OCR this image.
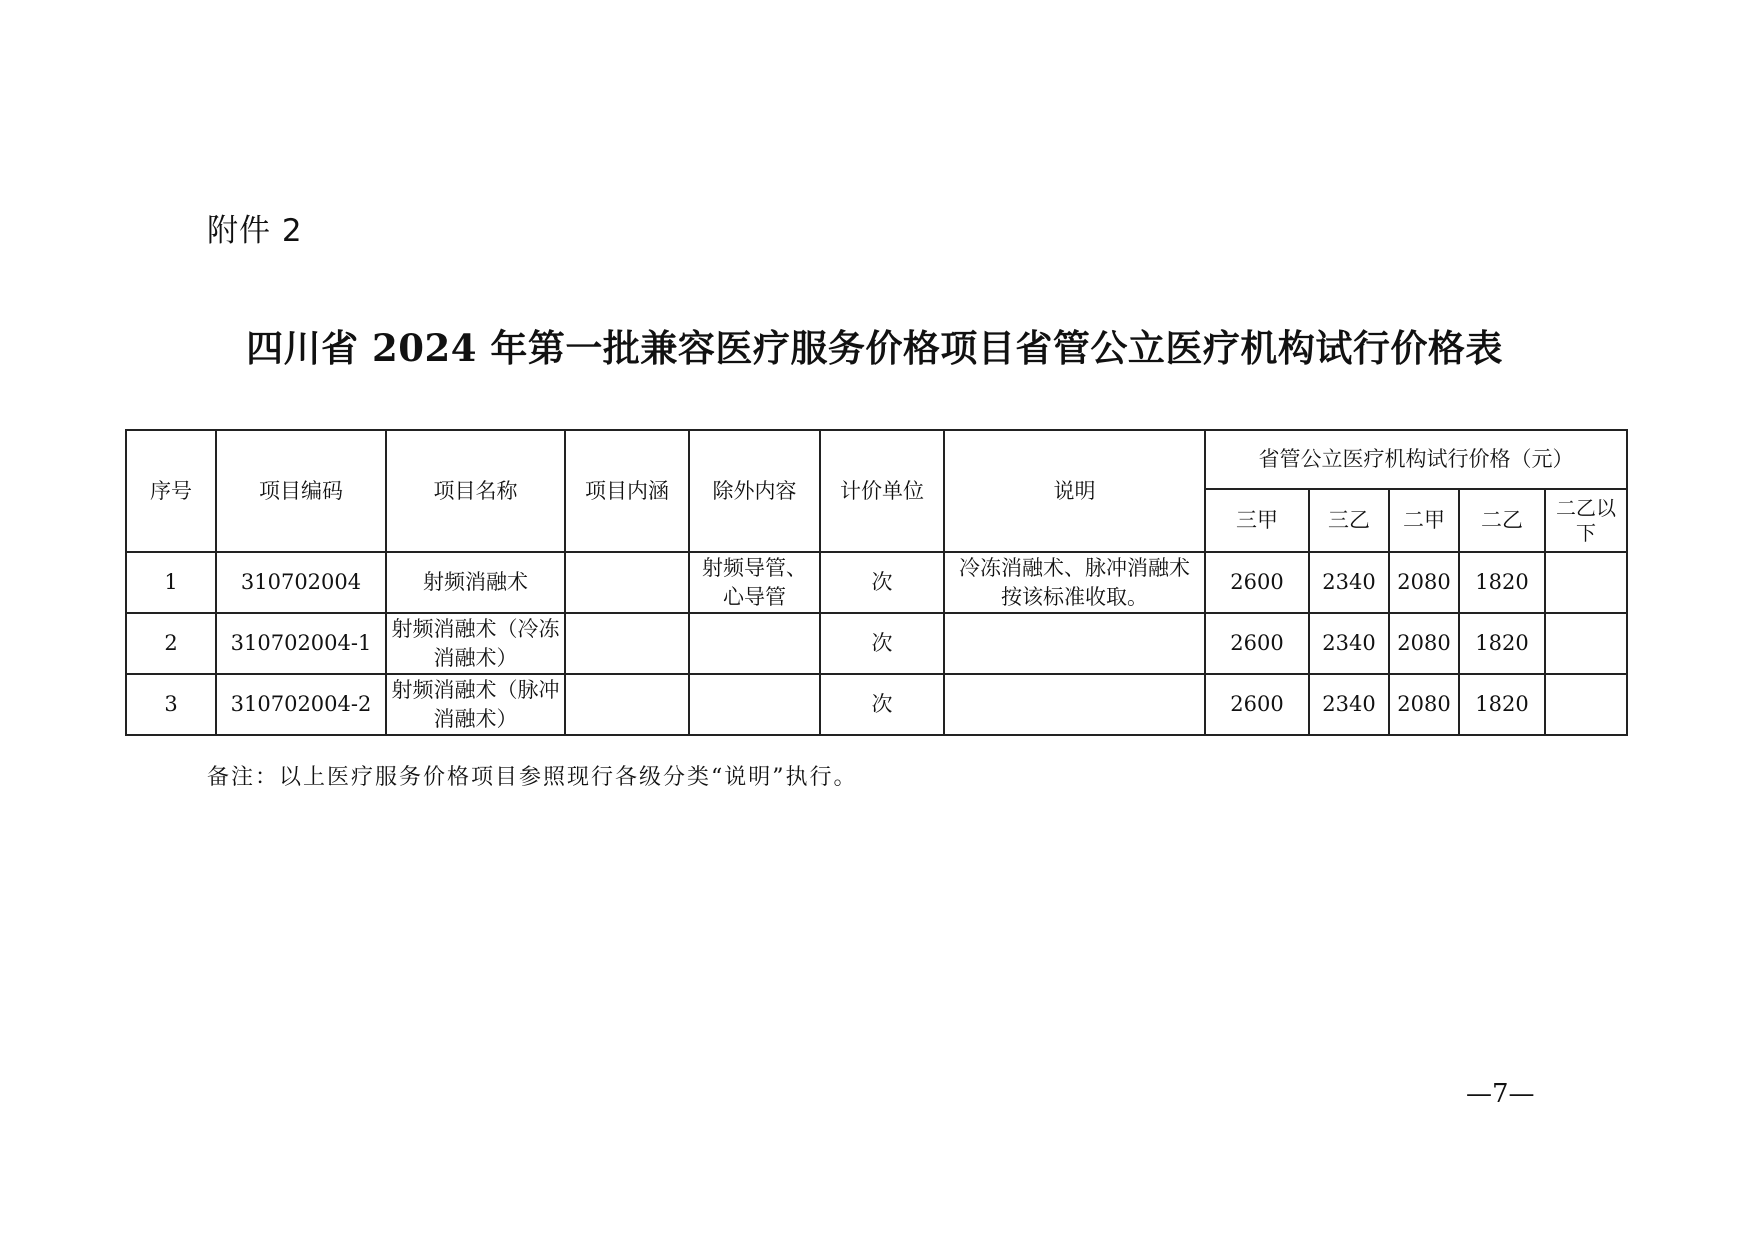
附件 2
四川省 2024 年第一批兼容医疗服务价格项目省管公立医疗机构试行价格表
序号	项目编码	项目名称	项目内涵	除外内容	计价单位	说明	省管公立医疗机构试行价格（元）				
							三甲	三乙	二甲	二乙	二乙以下
1	310702004	射频消融术		射频导管、心导管	次	冷冻消融术、脉冲消融术按该标准收取。	2600	2340	2080	1820	
2	310702004-1	射频消融术（冷冻消融术）			次		2600	2340	2080	1820	
3	310702004-2	射频消融术（脉冲消融术）			次		2600	2340	2080	1820	
备注：以上医疗服务价格项目参照现行各级分类“说明”执行。
—7—
